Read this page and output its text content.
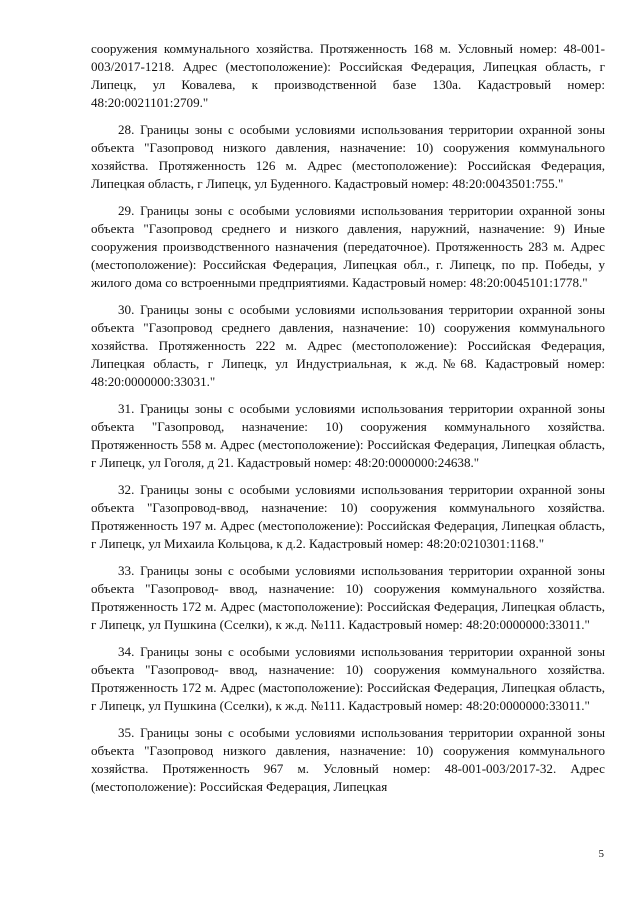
сооружения коммунального хозяйства. Протяженность 168 м. Условный номер: 48-001-003/2017-1218. Адрес (местоположение): Российская Федерация, Липецкая область, г Липецк, ул Ковалева, к производственной базе 130а. Кадастровый номер: 48:20:0021101:2709."

28. Границы зоны с особыми условиями использования территории охранной зоны объекта "Газопровод низкого давления, назначение: 10) сооружения коммунального хозяйства. Протяженность 126 м. Адрес (местоположение): Российская Федерация, Липецкая область, г Липецк, ул Буденного. Кадастровый номер: 48:20:0043501:755."

29. Границы зоны с особыми условиями использования территории охранной зоны объекта "Газопровод среднего и низкого давления, наружний, назначение: 9) Иные сооружения производственного назначения (передаточное). Протяженность 283 м. Адрес (местоположение): Российская Федерация, Липецкая обл., г. Липецк, по пр. Победы, у жилого дома со встроенными предприятиями. Кадастровый номер: 48:20:0045101:1778."

30. Границы зоны с особыми условиями использования территории охранной зоны объекта "Газопровод среднего давления, назначение: 10) сооружения коммунального хозяйства. Протяженность 222 м. Адрес (местоположение): Российская Федерация, Липецкая область, г Липецк, ул Индустриальная, к ж.д.№68. Кадастровый номер: 48:20:0000000:33031."

31. Границы зоны с особыми условиями использования территории охранной зоны объекта "Газопровод, назначение: 10) сооружения коммунального хозяйства. Протяженность 558 м. Адрес (местоположение): Российская Федерация, Липецкая область, г Липецк, ул Гоголя, д 21. Кадастровый номер: 48:20:0000000:24638."

32. Границы зоны с особыми условиями использования территории охранной зоны объекта "Газопровод-ввод, назначение: 10) сооружения коммунального хозяйства. Протяженность 197 м. Адрес (местоположение): Российская Федерация, Липецкая область, г Липецк, ул Михаила Кольцова, к д.2. Кадастровый номер: 48:20:0210301:1168."

33. Границы зоны с особыми условиями использования территории охранной зоны объекта "Газопровод- ввод, назначение: 10) сооружения коммунального хозяйства. Протяженность 172 м. Адрес (мастоположение): Российская Федерация, Липецкая область, г Липецк, ул Пушкина (Сселки), к ж.д. №111. Кадастровый номер: 48:20:0000000:33011."

34. Границы зоны с особыми условиями использования территории охранной зоны объекта "Газопровод- ввод, назначение: 10) сооружения коммунального хозяйства. Протяженность 172 м. Адрес (мастоположение): Российская Федерация, Липецкая область, г Липецк, ул Пушкина (Сселки), к ж.д. №111. Кадастровый номер: 48:20:0000000:33011."

35. Границы зоны с особыми условиями использования территории охранной зоны объекта "Газопровод низкого давления, назначение: 10) сооружения коммунального хозяйства. Протяженность 967 м. Условный номер: 48-001-003/2017-32. Адрес (местоположение): Российская Федерация, Липецкая

5
